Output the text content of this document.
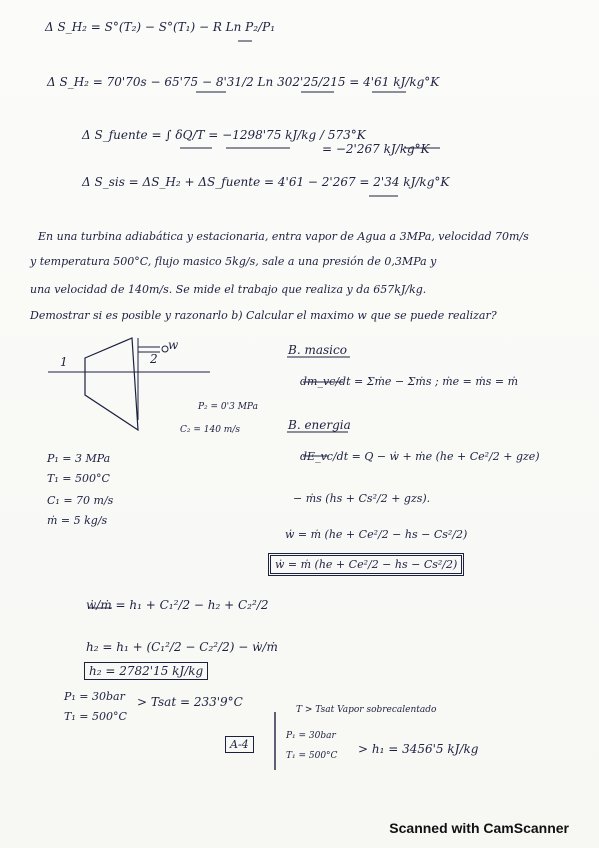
Δ S_H₂ = S°(T₂) − S°(T₁) − R Ln P₂/P₁
Δ S_H₂ = 70'70s − 65'75 − 8'31/2 Ln 302'25/215 = 4'61 kJ/kg°K
Δ S_fuente = ∫ δQ/T = −1298'75 kJ/kg / 573°K
= −2'267 kJ/kg°K
Δ S_sis = ΔS_H₂ + ΔS_fuente = 4'61 − 2'267 = 2'34 kJ/kg°K
En una turbina adiabática y estacionaria, entra vapor de Agua a 3MPa, velocidad 70m/s
y temperatura 500°C, flujo masico 5kg/s, sale a una presión de 0,3MPa y
una velocidad de 140m/s. Se mide el trabajo que realiza y da 657kJ/kg.
Demostrar si es posible y razonarlo b) Calcular el maximo w que se puede realizar?
w
1	2
P₂ = 0'3 MPa
C₂ = 140 m/s
P₁ = 3 MPa
T₁ = 500°C
C₁ = 70 m/s
ṁ = 5 kg/s
B. masico
dm_vc/dt = Σṁe − Σṁs ; ṁe = ṁs = ṁ
B. energia
dE_vc/dt = Q − ẇ + ṁe (he + Ce²/2 + gze)
− ṁs (hs + Cs²/2 + gzs).
ẇ = ṁ (he + Ce²/2 − hs − Cs²/2)
ẇ = ṁ (he + Ce²/2 − hs − Cs²/2)
ẇ/ṁ = h₁ + C₁²/2 − h₂ + C₂²/2
h₂ = h₁ + (C₁²/2 − C₂²/2) − ẇ/ṁ
h₂ = 2782'15 kJ/kg
P₁ = 30bar
T₁ = 500°C
> Tsat = 233'9°C
T > Tsat Vapor sobrecalentado
A-4
P₁ = 30bar
T₁ = 500°C > h₁ = 3456'5 kJ/kg
Scanned with CamScanner
